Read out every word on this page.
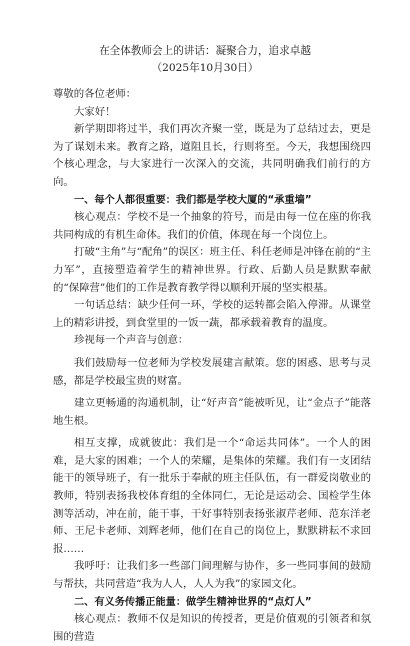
在全体教师会上的讲话：凝聚合力，追求卓越
（2025年10月30日）

尊敬的各位老师：

大家好！

新学期即将过半，我们再次齐聚一堂，既是为了总结过去，更是为了谋划未来。教育之路，道阻且长，行则将至。今天，我想围绕四个核心理念，与大家进行一次深入的交流，共同明确我们前行的方向。

一、每个人都很重要：我们都是学校大厦的“承重墙”

核心观点：学校不是一个抽象的符号，而是由每一位在座的你我共同构成的有机生命体。我们的价值，体现在每一个岗位上。

打破“主角”与“配角”的误区：班主任、科任老师是冲锋在前的“主力军”，直接塑造着学生的精神世界。行政、后勤人员是默默奉献的“保障营”他们的工作是教育教学得以顺利开展的坚实根基。

一句话总结：缺少任何一环，学校的运转都会陷入停滞。从课堂上的精彩讲授，到食堂里的一饭一蔬，都承载着教育的温度。

珍视每一个声音与创意：

我们鼓励每一位老师为学校发展建言献策。您的困惑、思考与灵感，都是学校最宝贵的财富。

建立更畅通的沟通机制，让“好声音”能被听见，让“金点子”能落地生根。

相互支撑，成就彼此：我们是一个“命运共同体”。一个人的困难，是大家的困难；一个人的荣耀，是集体的荣耀。我们有一支团结能干的领导班子，有一批乐于奉献的班主任队伍，有一群爱岗敬业的教师，特别表扬我校体育组的全体同仁，无论是运动会、国检学生体测等活动，冲在前，能干事，干好事特别表扬张淑芹老师、范东洋老师、王尼卡老师、刘辉老师，他们在自己的岗位上，默默耕耘不求回报……

我呼吁：让我们多一些部门间理解与协作，多一些同事间的鼓励与帮扶，共同营造“我为人人，人人为我”的家园文化。

二、有义务传播正能量：做学生精神世界的“点灯人”

核心观点：教师不仅是知识的传授者，更是价值观的引领者和氛围的营造
